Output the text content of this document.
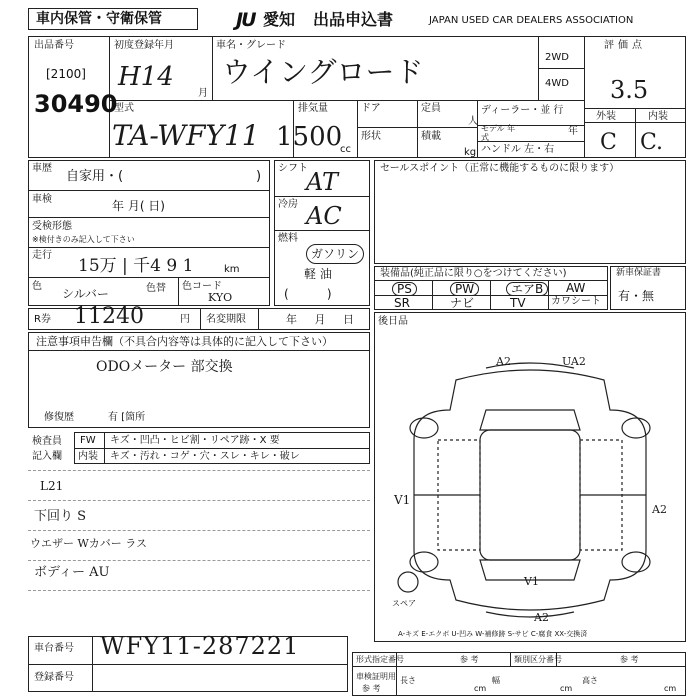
車内保管・守衛保管	JU 愛知 出品申込書	JAPAN USED CAR DEALERS ASSOCIATION
出品番号
[2100]
30490
初度登録年月
H14
月
車名・グレード
ウイングロード	2WD
4WD
評価点
3.5
外装	内装
C C.
型式
TA-WFY11
排気量
1500
cc
ドア	定員
人
形状	積載
kg
ディーラー・並 行
モデル 年式
年
ハンドル 左・右
車歴
自家用・(	)
車検	年 月( 日)
受検形態
※検付きのみ記入して下さい
走行
15万 | 千4 9 1	km
色
シルバー	色替 色コード
KYO
シフト
AT
冷房 AC
燃料
ガソリン
軽 油
(          )
セールスポイント（正常に機能するものに限ります）
装備品(純正品に限り○をつけてください)
PS	PW	エアB	AW
SR	ナビ	TV	カワシート
新車保証書
有・無
R券 11240	円 名変期限	年     月     日
注意事項申告欄（不具合内容等は具体的に記入して下さい）
ODOメーター 部交換
修復歴	有 [箇所
検査員
記入欄
FW キズ・凹凸・ヒビ割・リペア跡・X 要
内装 キズ・汚れ・コゲ・穴・スレ・キレ・破レ
L21
下回り S
ウエザー Wカバー ラス
ボディー AU
後日品
A2	UA2
V1
A2
V1
A2
スペア
A-キズ E-エクボ U-凹み W-補修跡 S-サビ C-腐食 XX-交換済
車台番号 WFY11-287221
登録番号
形式指定番号	参 考	類別区分番号	参 考
車検証明用
参 考
長さ
cm
幅
cm
高さ
cm
